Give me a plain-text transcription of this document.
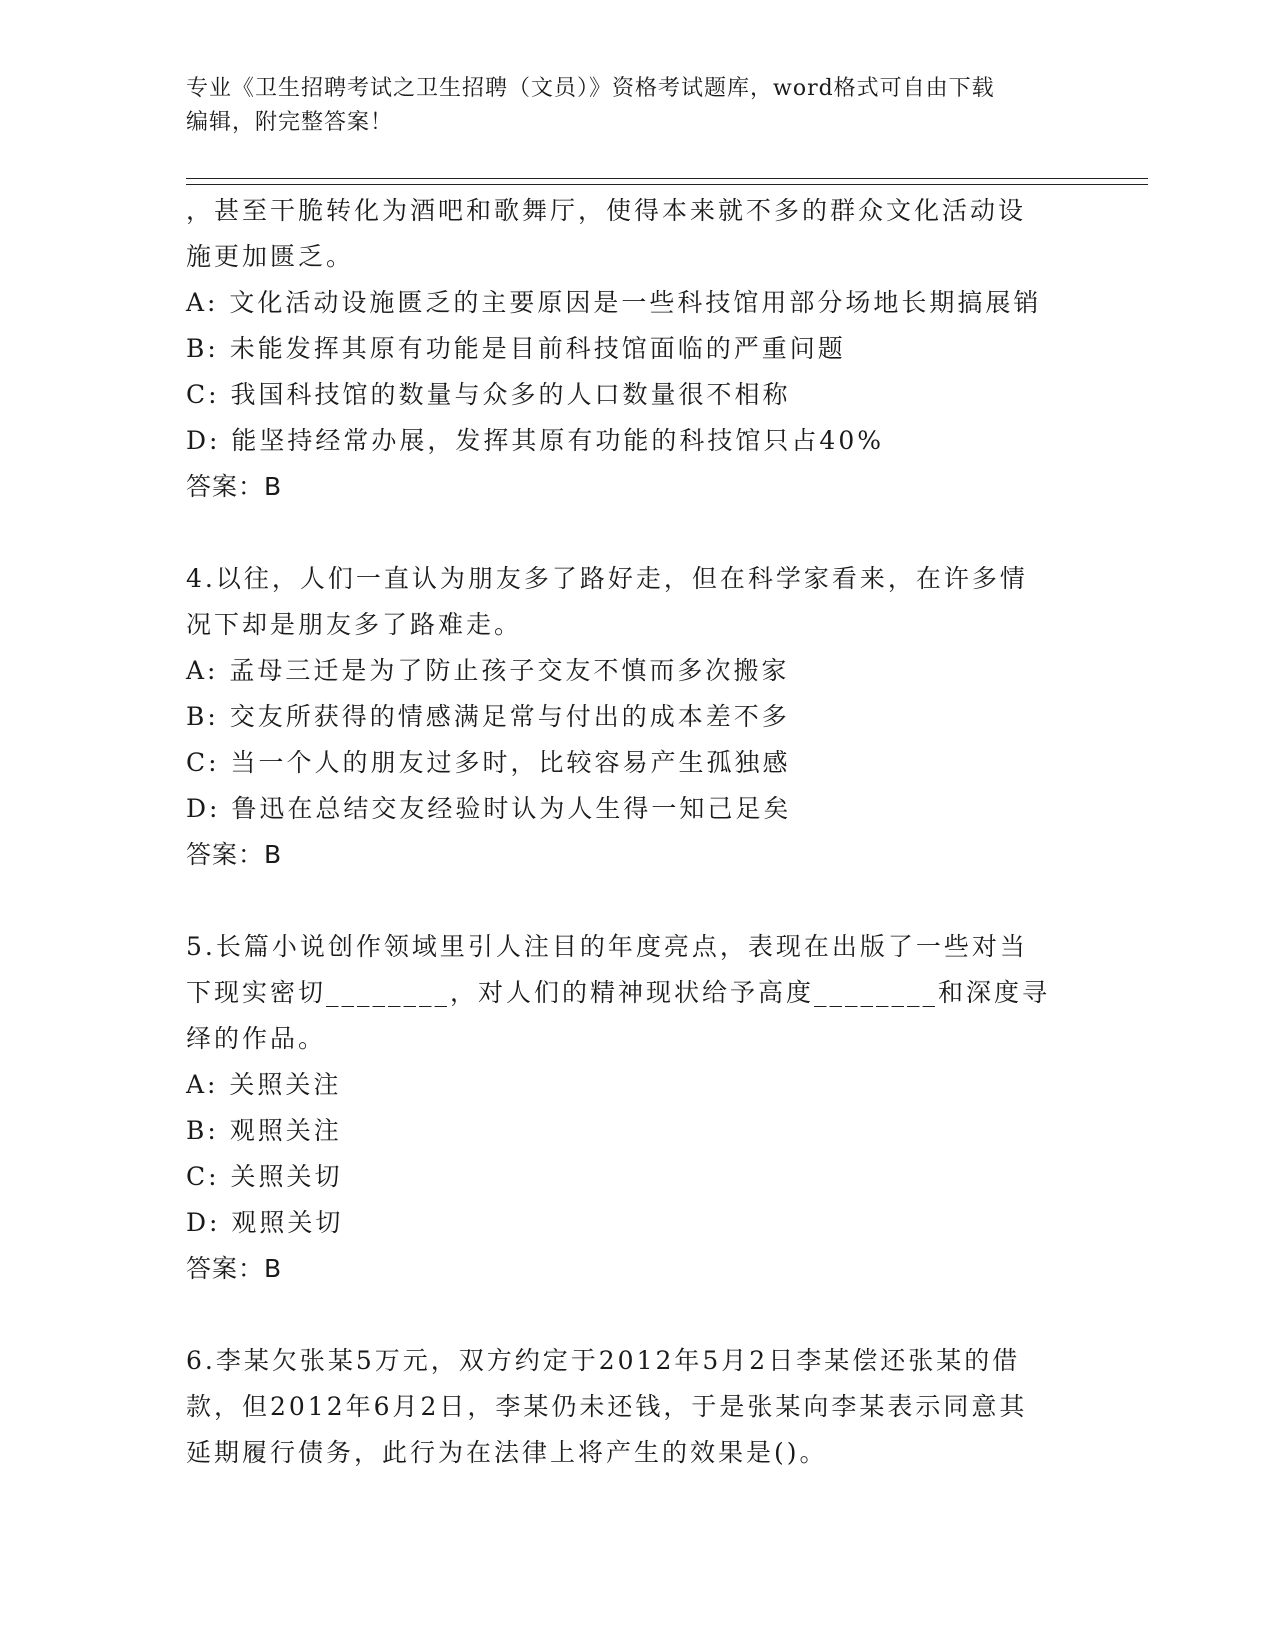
专业《卫生招聘考试之卫生招聘（文员）》资格考试题库，word格式可自由下载
编辑，附完整答案！

，甚至干脆转化为酒吧和歌舞厅，使得本来就不多的群众文化活动设

施更加匮乏。

A: 文化活动设施匮乏的主要原因是一些科技馆用部分场地长期搞展销

B: 未能发挥其原有功能是目前科技馆面临的严重问题

C: 我国科技馆的数量与众多的人口数量很不相称

D: 能坚持经常办展，发挥其原有功能的科技馆只占40%

答案：B

4.以往，人们一直认为朋友多了路好走，但在科学家看来，在许多情

况下却是朋友多了路难走。

A: 孟母三迁是为了防止孩子交友不慎而多次搬家

B: 交友所获得的情感满足常与付出的成本差不多

C: 当一个人的朋友过多时，比较容易产生孤独感

D: 鲁迅在总结交友经验时认为人生得一知己足矣

答案：B

5.长篇小说创作领域里引人注目的年度亮点，表现在出版了一些对当

下现实密切________，对人们的精神现状给予高度________和深度寻

绎的作品。

A: 关照关注

B: 观照关注

C: 关照关切

D: 观照关切

答案：B

6.李某欠张某5万元，双方约定于2012年5月2日李某偿还张某的借

款，但2012年6月2日，李某仍未还钱，于是张某向李某表示同意其

延期履行债务，此行为在法律上将产生的效果是()。
